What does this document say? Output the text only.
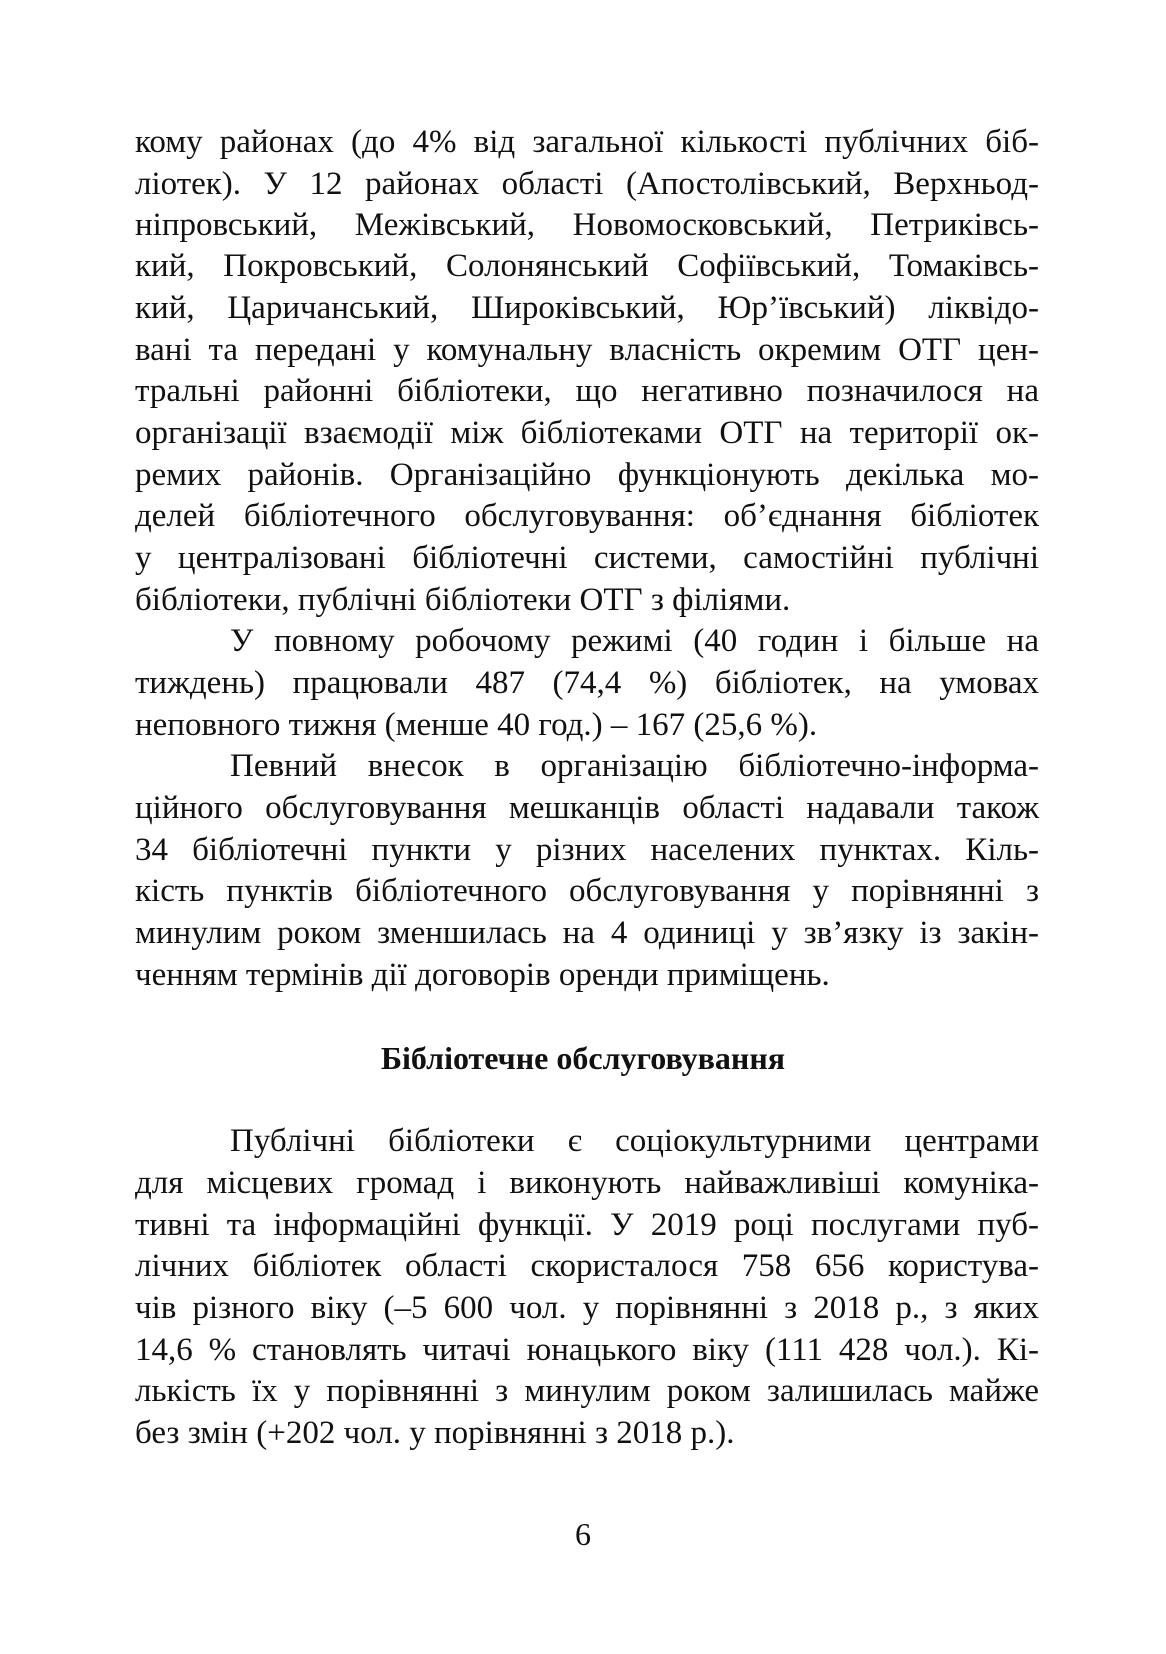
кому районах (до 4% від загальної кількості публічних біб-
ліотек). У 12 районах області (Апостолівський, Верхньод-
ніпровський, Межівський, Новомосковський, Петриківсь-
кий, Покровський, Солонянський Софіївський, Томаківсь-
кий, Царичанський, Широківський, Юр’ївський) ліквідо-
вані та передані у комунальну власність окремим ОТГ цен-
тральні районні бібліотеки, що негативно позначилося на
організації взаємодії між бібліотеками ОТГ на території ок-
ремих районів. Організаційно функціонують декілька мо-
делей бібліотечного обслуговування: об’єднання бібліотек
у централізовані бібліотечні системи, самостійні публічні
бібліотеки, публічні бібліотеки ОТГ з філіями.
У повному робочому режимі (40 годин і більше на
тиждень) працювали 487 (74,4 %) бібліотек, на умовах
неповного тижня (менше 40 год.) – 167 (25,6 %).
Певний внесок в організацію бібліотечно-інформа-
ційного обслуговування мешканців області надавали також
34 бібліотечні пункти у різних населених пунктах. Кіль-
кість пунктів бібліотечного обслуговування у порівнянні з
минулим роком зменшилась на 4 одиниці у зв’язку із закін-
ченням термінів дії договорів оренди приміщень.
Бібліотечне обслуговування
Публічні бібліотеки є соціокультурними центрами
для місцевих громад і виконують найважливіші комуніка-
тивні та інформаційні функції. У 2019 році послугами пуб-
лічних бібліотек області скористалося 758 656 користува-
чів різного віку (–5 600 чол. у порівнянні з 2018 р., з яких
14,6 % становлять читачі юнацького віку (111 428 чол.). Кі-
лькість їх у порівнянні з минулим роком залишилась майже
без змін (+202 чол. у порівнянні з 2018 р.).
6
